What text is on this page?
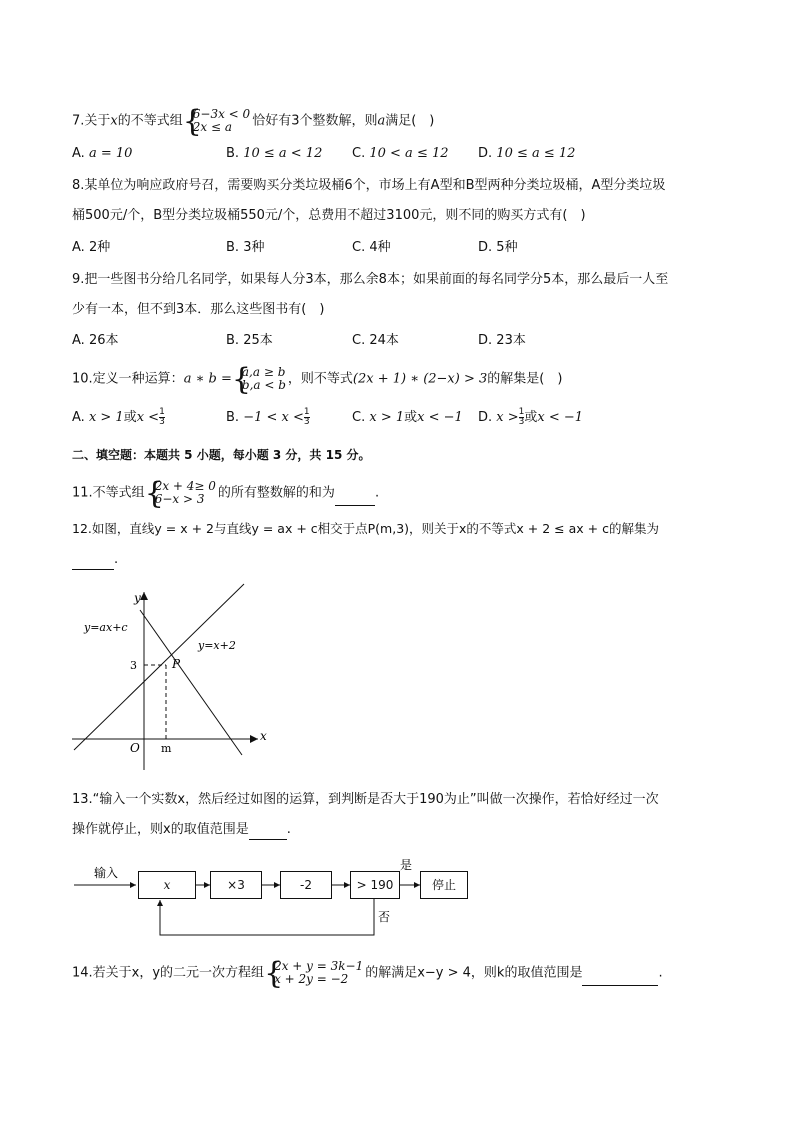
7.关于x的不等式组 { 6−3x < 0
2x ≤ a	恰好有3个整数解，则a满足(　)
A. a = 10	B. 10 ≤ a < 12 C. 10 < a ≤ 12 D. 10 ≤ a ≤ 12
8.某单位为响应政府号召，需要购买分类垃圾桶6个，市场上有A型和B型两种分类垃圾桶，A型分类垃圾
桶500元/个，B型分类垃圾桶550元/个，总费用不超过3100元，则不同的购买方式有(　)
A. 2种	B. 3种	C. 4种	D. 5种
9.把一些图书分给几名同学，如果每人分3本，那么余8本；如果前面的每名同学分5本，那么最后一人至
少有一本，但不到3本．那么这些图书有(　)
A. 26本	B. 25本	C. 24本	D. 23本
10.定义一种运算：a ∗ b = { a,a ≥ b
b,a < b ，则不等式(2x + 1) ∗ (2−x) > 3的解集是(　)
A. x > 1或$x < \frac{1}{3}$	B. $-1 < x < \frac{1}{3}$	C. x > 1或x < −1 D. $x > \frac{1}{3}$ 或x < −1
二、填空题：本题共 5 小题，每小题 3 分，共 15 分。
11.不等式组 { 2x + 4≥ 0
6−x > 3	的所有整数解的和为	.
12.如图，直线y = x + 2与直线y = ax + c相交于点P(m,3)，则关于x的不等式x + 2 ≤ ax + c的解集为
.
y
x
O m
3	P
y=ax+c
y=x+2
13.“输入一个实数x，然后经过如图的运算，到判断是否大于190为止”叫做一次操作，若恰好经过一次
操作就停止，则x的取值范围是	.
输入
是
否
x	×3	-2	> 190	停止
14.若关于x，y的二元一次方程组 { 2x + y = 3k−1
x + 2y = −2	的解满足x−y > 4，则k的取值范围是	.
